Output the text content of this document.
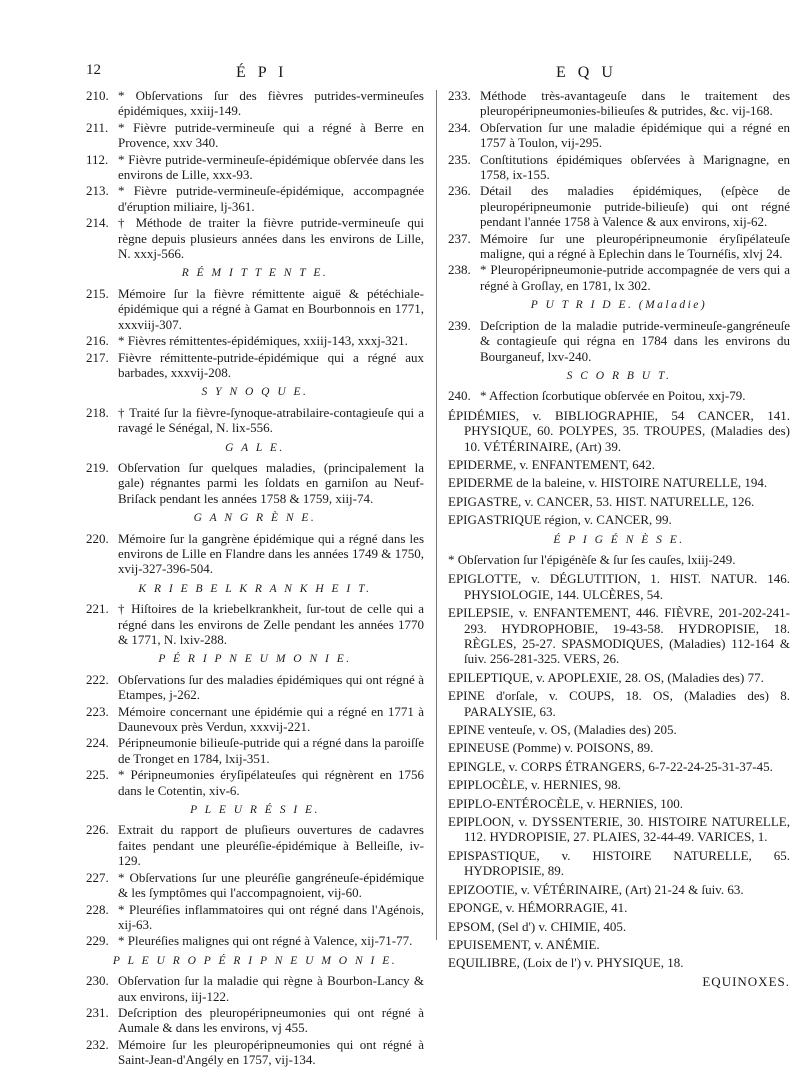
12	É P I	E Q U
210. * Obſervations ſur des fièvres putrides-vermineuſes épidémiques, xxiij-149.
211. * Fièvre putride-vermineuſe qui a régné à Berre en Provence, xxv 340.
112. * Fièvre putride-vermineuſe-épidémique obſervée dans les environs de Lille, xxx-93.
213. * Fièvre putride-vermineuſe-épidémique, accompagnée d'éruption miliaire, lj-361.
214. † Méthode de traiter la fièvre putride-vermineuſe qui règne depuis plusieurs années dans les environs de Lille, N. xxxj-566.
R É M I T T E N T E.
215. Mémoire ſur la fièvre rémittente aiguë & pétéchiale-épidémique qui a régné à Gamat en Bourbonnois en 1771, xxxviij-307.
216. * Fièvres rémittentes-épidémiques, xxiij-143, xxxj-321.
217. Fièvre rémittente-putride-épidémique qui a régné aux barbades, xxxvij-208.
S Y N O Q U E.
218. † Traité ſur la fièvre-ſynoque-atrabilaire-contagieuſe qui a ravagé le Sénégal, N. lix-556.
G A L E.
219. Obſervation ſur quelques maladies, (principalement la gale) régnantes parmi les ſoldats en garniſon au Neuf-Briſack pendant les années 1758 & 1759, xiij-74.
G A N G R È N E.
220. Mémoire ſur la gangrène épidémique qui a régné dans les environs de Lille en Flandre dans les années 1749 & 1750, xvij-327-396-504.
K R I E B E L K R A N K H E I T.
221. † Hiſtoires de la kriebelkrankheit, ſur-tout de celle qui a régné dans les environs de Zelle pendant les années 1770 & 1771, N. lxiv-288.
P É R I P N E U M O N I E.
222. Obſervations ſur des maladies épidémiques qui ont régné à Etampes, j-262.
223. Mémoire concernant une épidémie qui a régné en 1771 à Daunevoux près Verdun, xxxvij-221.
224. Péripneumonie bilieuſe-putride qui a régné dans la paroiſſe de Tronget en 1784, lxij-351.
225. * Péripneumonies éryſipélateuſes qui régnèrent en 1756 dans le Cotentin, xiv-6.
P L E U R É S I E.
226. Extrait du rapport de pluſieurs ouvertures de cadavres faites pendant une pleuréſie-épidémique à Belleiſle, iv-129.
227. * Obſervations ſur une pleuréſie gangréneuſe-épidémique & les ſymptômes qui l'accompagnoient, vij-60.
228. * Pleuréſies inflammatoires qui ont régné dans l'Agénois, xij-63.
229. * Pleuréſies malignes qui ont régné à Valence, xij-71-77.
P L E U R O P É R I P N E U M O N I E.
230. Obſervation ſur la maladie qui règne à Bourbon-Lancy & aux environs, iij-122.
231. Deſcription des pleuropéripneumonies qui ont régné à Aumale & dans les environs, vj 455.
232. Mémoire ſur les pleuropéripneumonies qui ont régné à Saint-Jean-d'Angély en 1757, vij-134.
233. Méthode très-avantageuſe dans le traitement des pleuropéripneumonies-bilieuſes & putrides, &c. vij-168.
234. Obſervation ſur une maladie épidémique qui a régné en 1757 à Toulon, vij-295.
235. Conſtitutions épidémiques obſervées à Marignagne, en 1758, ix-155.
236. Détail des maladies épidémiques, (eſpèce de pleuropéripneumonie putride-bilieuſe) qui ont régné pendant l'année 1758 à Valence & aux environs, xij-62.
237. Mémoire ſur une pleuropéripneumonie éryſipélateuſe maligne, qui a régné à Eplechin dans le Tournéſis, xlvj 24.
238. * Pleuropéripneumonie-putride accompagnée de vers qui a régné à Groſlay, en 1781, lx 302.
P U T R I D E. (Maladie)
239. Deſcription de la maladie putride-vermineuſe-gangréneuſe & contagieuſe qui régna en 1784 dans les environs du Bourganeuf, lxv-240.
S C O R B U T.
240. * Affection ſcorbutique obſervée en Poitou, xxj-79.
ÉPIDÉMIES, v. BIBLIOGRAPHIE, 54 CANCER, 141. PHYSIQUE, 60. POLYPES, 35. TROUPES, (Maladies des) 10. VÉTÉRINAIRE, (Art) 39.
EPIDERME, v. ENFANTEMENT, 642.
EPIDERME de la baleine, v. HISTOIRE NATURELLE, 194.
EPIGASTRE, v. CANCER, 53. HIST. NATURELLE, 126.
EPIGASTRIQUE région, v. CANCER, 99.
É P I G É N È S E.
* Obſervation ſur l'épigénèſe & ſur ſes cauſes, lxiij-249.
EPIGLOTTE, v. DÉGLUTITION, 1. HIST. NATUR. 146. PHYSIOLOGIE, 144. ULCÈRES, 54.
EPILEPSIE, v. ENFANTEMENT, 446. FIÈVRE, 201-202-241-293. HYDROPHOBIE, 19-43-58. HYDROPISIE, 18. RÈGLES, 25-27. SPASMODIQUES, (Maladies) 112-164 & ſuiv. 256-281-325. VERS, 26.
EPILEPTIQUE, v. APOPLEXIE, 28. OS, (Maladies des) 77.
EPINE d'orſale, v. COUPS, 18. OS, (Maladies des) 8. PARALYSIE, 63.
EPINE venteuſe, v. OS, (Maladies des) 205.
EPINEUSE (Pomme) v. POISONS, 89.
EPINGLE, v. CORPS ÉTRANGERS, 6-7-22-24-25-31-37-45.
EPIPLOCÈLE, v. HERNIES, 98.
EPIPLO-ENTÉROCÈLE, v. HERNIES, 100.
EPIPLOON, v. DYSSENTERIE, 30. HISTOIRE NATURELLE, 112. HYDROPISIE, 27. PLAIES, 32-44-49. VARICES, 1.
EPISPASTIQUE, v. HISTOIRE NATURELLE, 65. HYDROPISIE, 89.
EPIZOOTIE, v. VÉTÉRINAIRE, (Art) 21-24 & ſuiv. 63.
EPONGE, v. HÉMORRAGIE, 41.
EPSOM, (Sel d') v. CHIMIE, 405.
EPUISEMENT, v. ANÉMIE.
EQUILIBRE, (Loix de l') v. PHYSIQUE, 18.
EQUINOXES.
